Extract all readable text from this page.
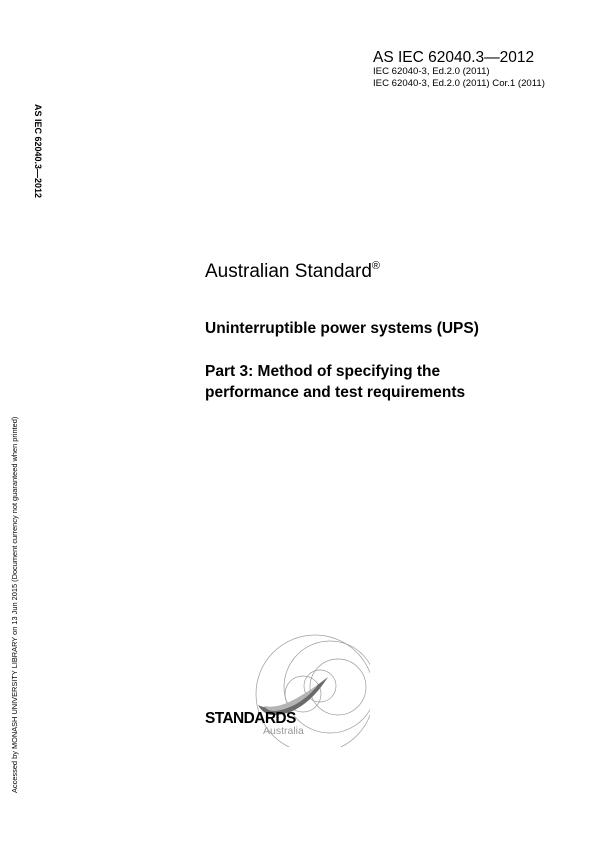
AS IEC 62040.3—2012
IEC 62040-3, Ed.2.0 (2011)
IEC 62040-3, Ed.2.0 (2011) Cor.1 (2011)
AS IEC 62040.3—2012
Accessed by MONASH UNIVERSITY LIBRARY on 13 Jun 2015 (Document currency not guaranteed when printed)
Australian Standard®
Uninterruptible power systems (UPS)
Part 3: Method of specifying the
performance and test requirements
STANDARDS
Australia
